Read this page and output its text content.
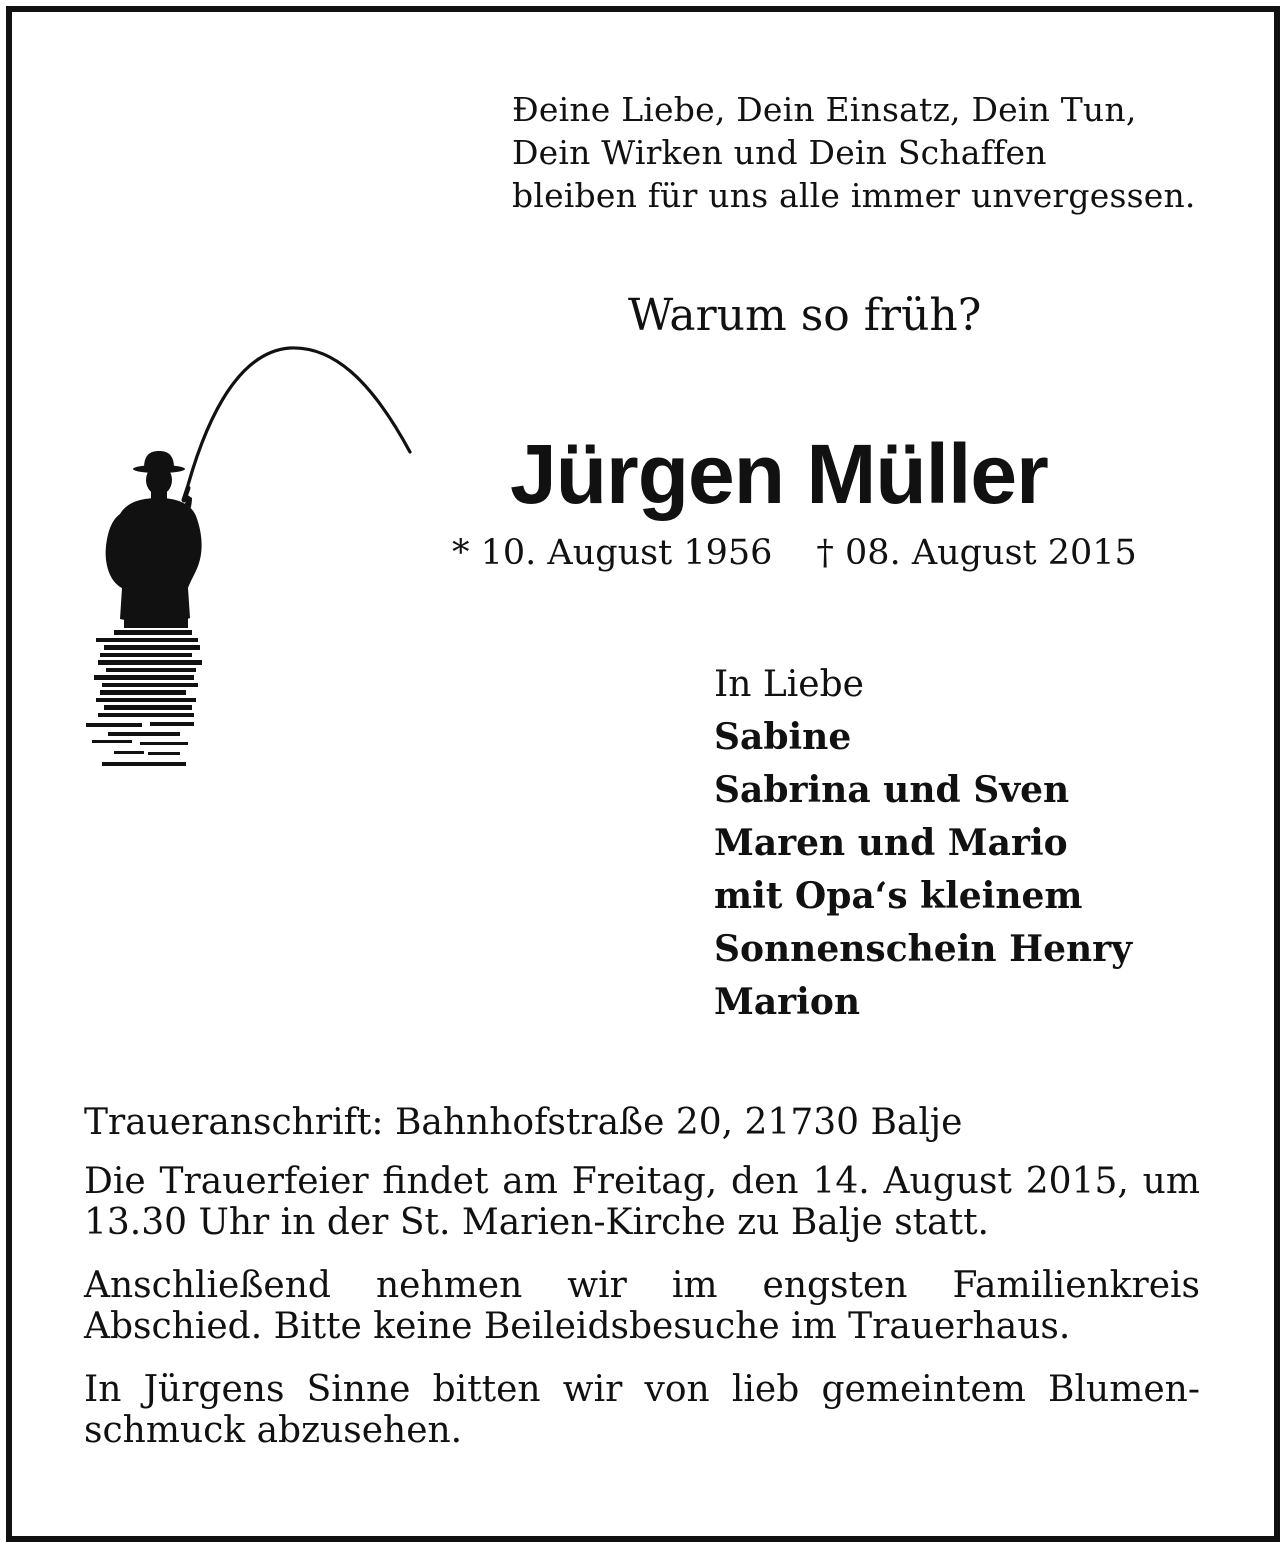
Đeine Liebe, Dein Einsatz, Dein Tun,
Dein Wirken und Dein Schaffen
bleiben für uns alle immer unvergessen.
Warum so früh?
Jürgen Müller
* 10. August 1956 † 08. August 2015
In Liebe
Sabine
Sabrina und Sven
Maren und Mario
mit Opa‘s kleinem
Sonnenschein Henry
Marion

Traueranschrift: Bahnhofstraße 20, 21730 Balje

Die Trauerfeier findet am Freitag, den 14. August 2015, um 13.30 Uhr in der St. Marien-Kirche zu Balje statt.

Anschließend nehmen wir im engsten Familienkreis Abschied. Bitte keine Beileidsbesuche im Trauerhaus.

In Jürgens Sinne bitten wir von lieb gemeintem Blumenschmuck abzusehen.
